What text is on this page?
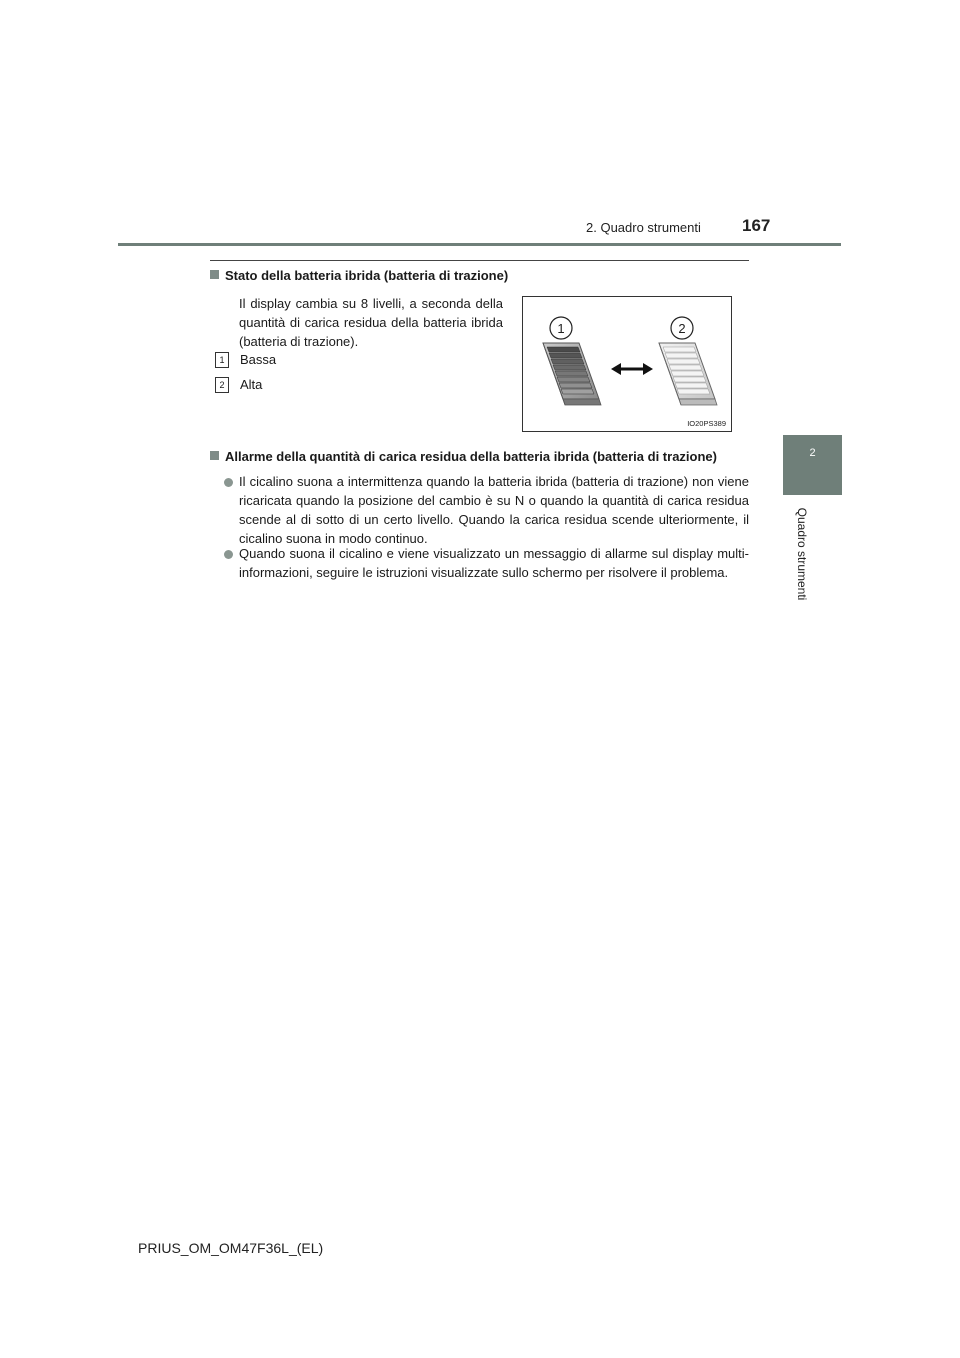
2. Quadro strumenti 167
2
Quadro strumenti
Stato della batteria ibrida (batteria di trazione)
Il display cambia su 8 livelli, a seconda della quantità di carica residua della batteria ibrida (batteria di trazione).
1 Bassa
2 Alta
1	2
IO20PS389
Allarme della quantità di carica residua della batteria ibrida (batteria di trazione)
Il cicalino suona a intermittenza quando la batteria ibrida (batteria di trazione) non viene ricaricata quando la posizione del cambio è su N o quando la quantità di carica residua scende al di sotto di un certo livello. Quando la carica residua scende ulteriormente, il cicalino suona in modo continuo.
Quando suona il cicalino e viene visualizzato un messaggio di allarme sul display multi-informazioni, seguire le istruzioni visualizzate sullo schermo per risolvere il problema.
PRIUS_OM_OM47F36L_(EL)
